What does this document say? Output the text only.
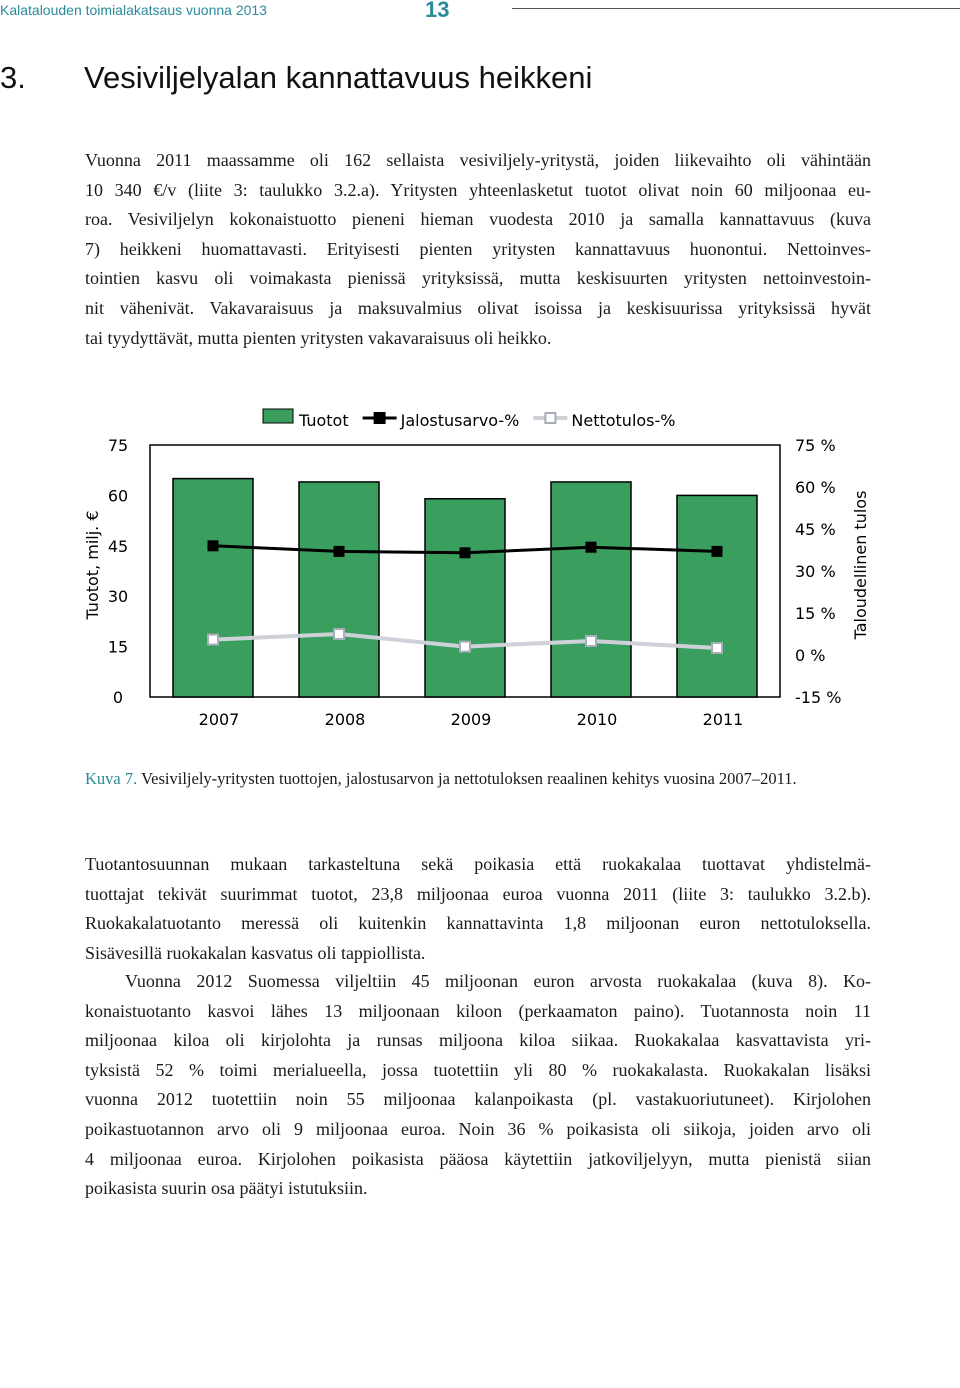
Kalatalouden toimialakatsaus vuonna 2013	13
3. Vesiviljelyalan kannattavuus heikkeni
Vuonna 2011 maassamme oli 162 sellaista vesiviljely-yritystä, joiden liikevaihto oli vähintään
10 340 €/v (liite 3: taulukko 3.2.a). Yritysten yhteenlasketut tuotot olivat noin 60 miljoonaa eu-
roa. Vesiviljelyn kokonaistuotto pieneni hieman vuodesta 2010 ja samalla kannattavuus (kuva
7) heikkeni huomattavasti. Erityisesti pienten yritysten kannattavuus huonontui. Nettoinves-
tointien kasvu oli voimakasta pienissä yrityksissä, mutta keskisuurten yritysten nettoinvestoin-
nit vähenivät. Vakavaraisuus ja maksuvalmius olivat isoissa ja keskisuurissa yrityksissä hyvät
tai tyydyttävät, mutta pienten yritysten vakavaraisuus oli heikko.
Tuotot	Jalostusarvo-%	Nettotulos-%
0
15
30
45
60
75
-15 %
0 %
15 %
30 %
45 %
60 %
75 %
2007	2008	2009	2010	2011
Tuotot, milj. €	Taloudellinen tulos
Kuva 7. Vesiviljely-yritysten tuottojen, jalostusarvon ja nettotuloksen reaalinen kehitys vuosina 2007–2011.
Tuotantosuunnan mukaan tarkasteltuna sekä poikasia että ruokakalaa tuottavat yhdistelmä-
tuottajat tekivät suurimmat tuotot, 23,8 miljoonaa euroa vuonna 2011 (liite 3: taulukko 3.2.b).
Ruokakalatuotanto meressä oli kuitenkin kannattavinta 1,8 miljoonan euron nettotuloksella.
Sisävesillä ruokakalan kasvatus oli tappiollista.
Vuonna 2012 Suomessa viljeltiin 45 miljoonan euron arvosta ruokakalaa (kuva 8). Ko-
konaistuotanto kasvoi lähes 13 miljoonaan kiloon (perkaamaton paino). Tuotannosta noin 11
miljoonaa kiloa oli kirjolohta ja runsas miljoona kiloa siikaa. Ruokakalaa kasvattavista yri-
tyksistä 52 % toimi merialueella, jossa tuotettiin yli 80 % ruokakalasta. Ruokakalan lisäksi
vuonna 2012 tuotettiin noin 55 miljoonaa kalanpoikasta (pl. vastakuoriutuneet). Kirjolohen
poikastuotannon arvo oli 9 miljoonaa euroa. Noin 36 % poikasista oli siikoja, joiden arvo oli
4 miljoonaa euroa. Kirjolohen poikasista pääosa käytettiin jatkoviljelyyn, mutta pienistä siian
poikasista suurin osa päätyi istutuksiin.
